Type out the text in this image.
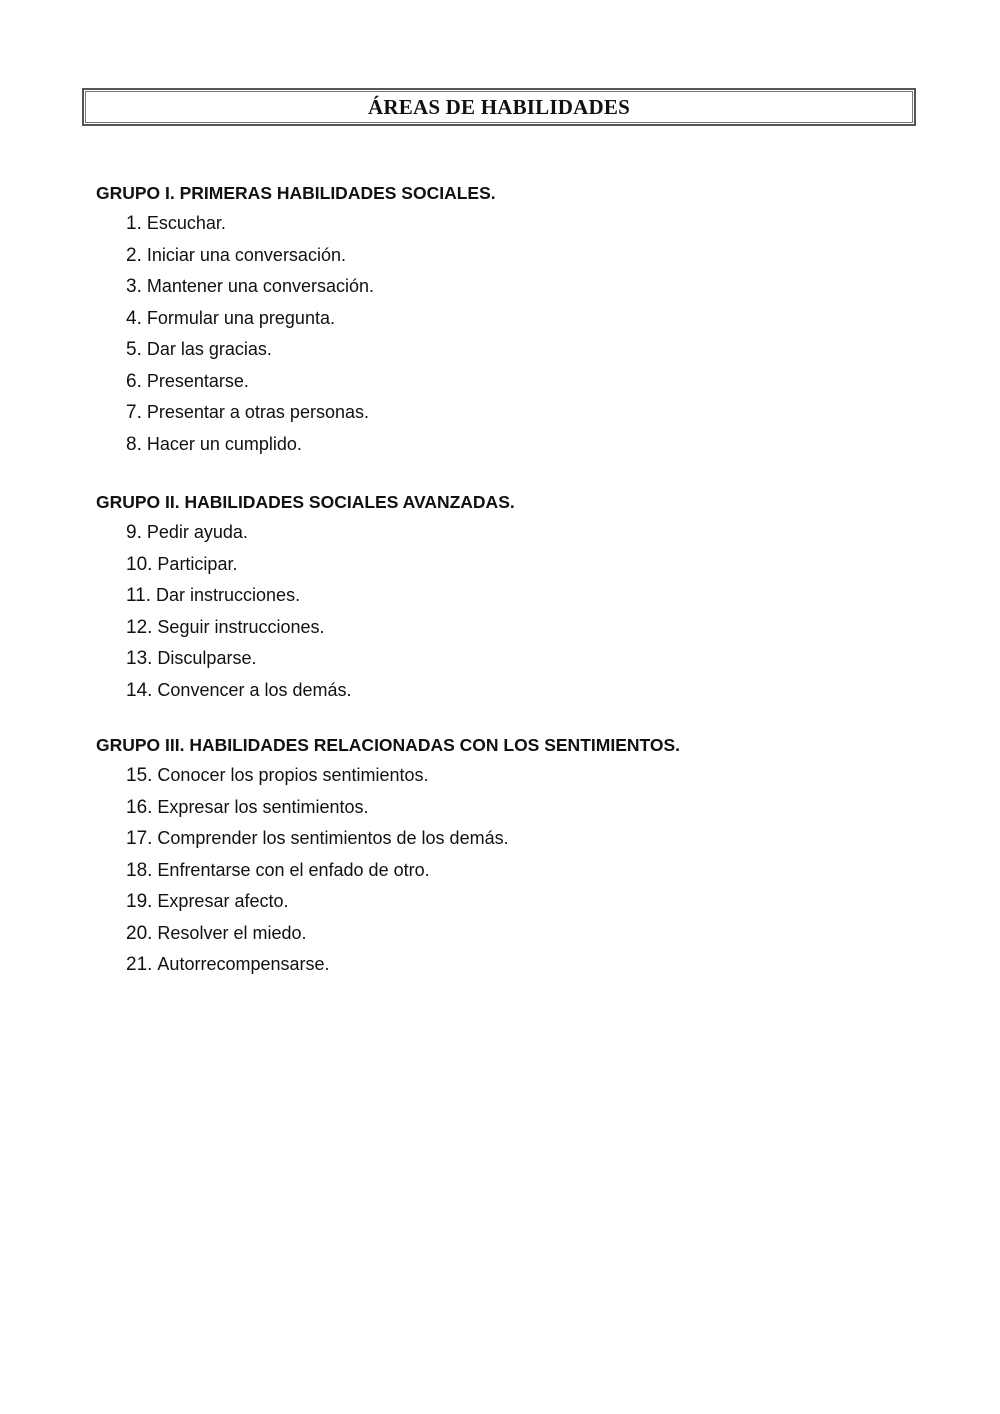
ÁREAS DE HABILIDADES
GRUPO I. PRIMERAS HABILIDADES SOCIALES.
1. Escuchar.
2. Iniciar una conversación.
3. Mantener una conversación.
4. Formular una pregunta.
5. Dar las gracias.
6. Presentarse.
7. Presentar a otras personas.
8. Hacer un cumplido.
GRUPO II. HABILIDADES SOCIALES AVANZADAS.
9. Pedir ayuda.
10. Participar.
11. Dar instrucciones.
12. Seguir instrucciones.
13. Disculparse.
14. Convencer a los demás.
GRUPO III. HABILIDADES RELACIONADAS CON LOS SENTIMIENTOS.
15. Conocer los propios sentimientos.
16. Expresar los sentimientos.
17. Comprender los sentimientos de los demás.
18. Enfrentarse con el enfado de otro.
19. Expresar afecto.
20. Resolver el miedo.
21. Autorrecompensarse.
